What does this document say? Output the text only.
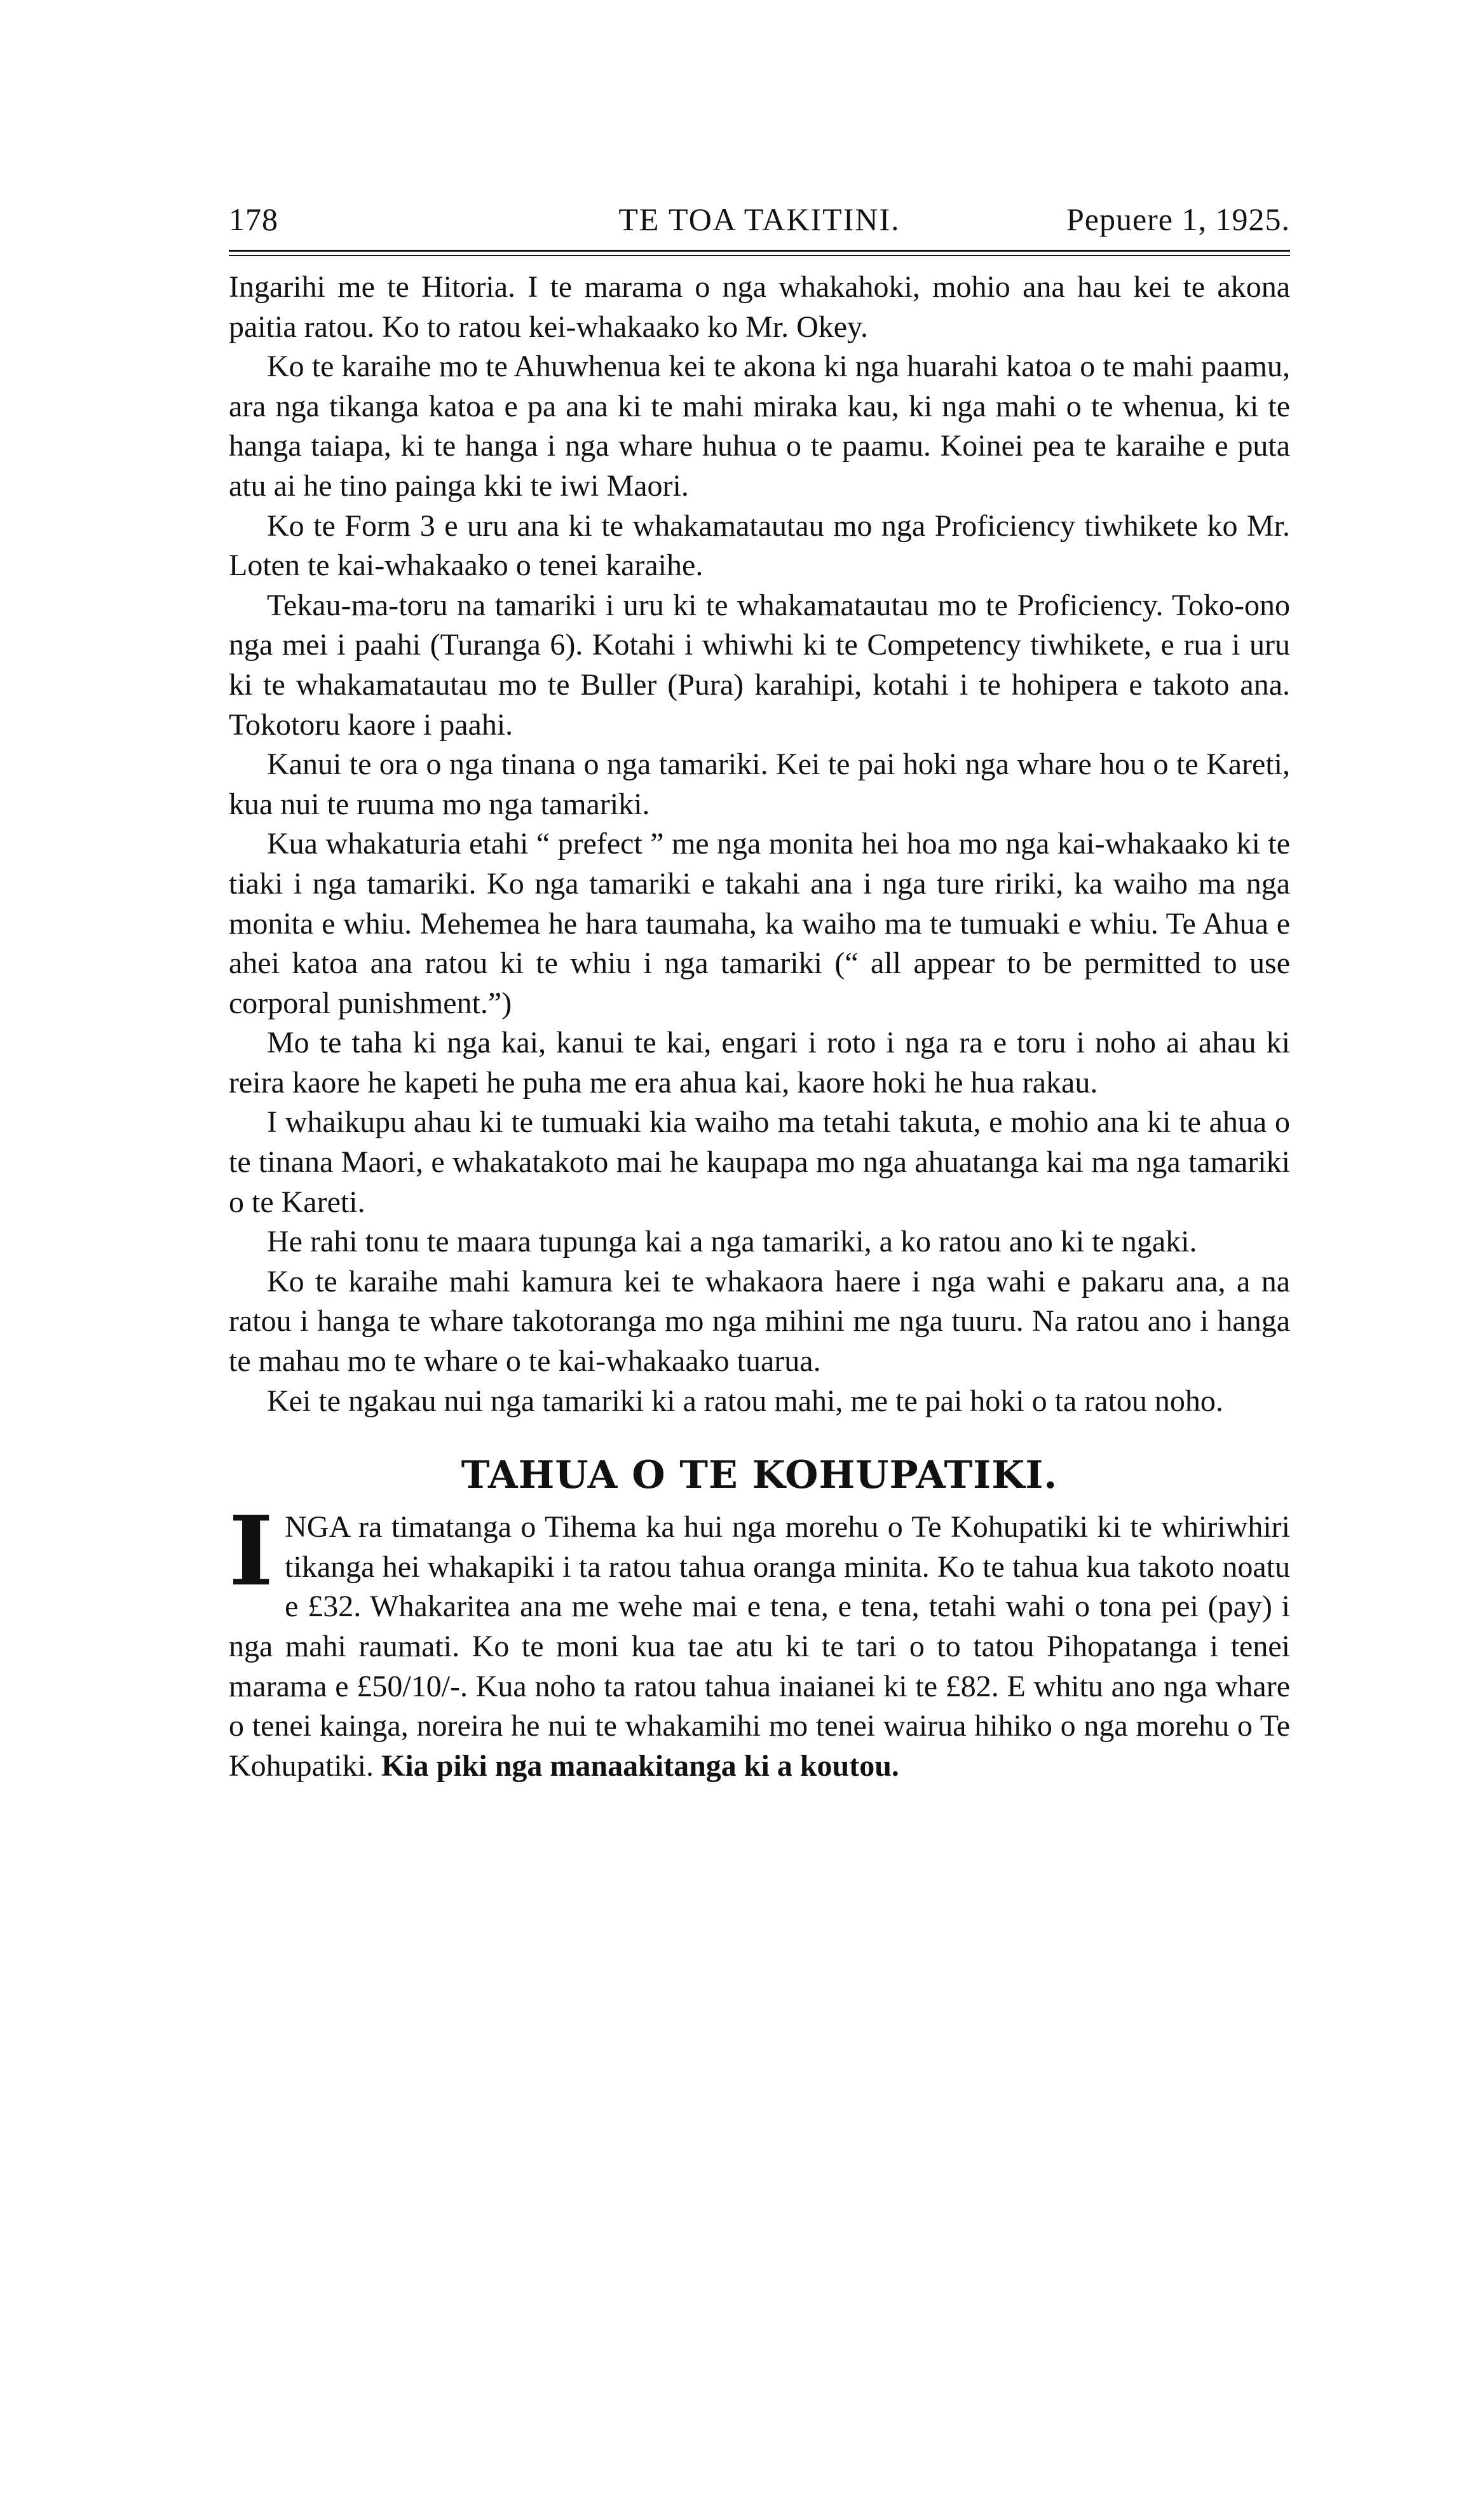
178	TE TOA TAKITINI.	Pepuere 1, 1925.

Ingarihi me te Hitoria. I te marama o nga whakahoki, mohio ana hau kei te akona paitia ratou. Ko to ratou kei-whakaako ko Mr. Okey.

Ko te karaihe mo te Ahuwhenua kei te akona ki nga huarahi katoa o te mahi paamu, ara nga tikanga katoa e pa ana ki te mahi miraka kau, ki nga mahi o te whenua, ki te hanga taiapa, ki te hanga i nga whare huhua o te paamu. Koinei pea te karaihe e puta atu ai he tino painga kki te iwi Maori.

Ko te Form 3 e uru ana ki te whakamatautau mo nga Proficiency tiwhikete ko Mr. Loten te kai-whakaako o tenei karaihe.

Tekau-ma-toru na tamariki i uru ki te whakamatautau mo te Proficiency. Toko-ono nga mei i paahi (Turanga 6). Kotahi i whiwhi ki te Competency tiwhikete, e rua i uru ki te whakamatautau mo te Buller (Pura) karahipi, kotahi i te hohipera e takoto ana. Tokotoru kaore i paahi.

Kanui te ora o nga tinana o nga tamariki. Kei te pai hoki nga whare hou o te Kareti, kua nui te ruuma mo nga tamariki.

Kua whakaturia etahi “ prefect ” me nga monita hei hoa mo nga kai-whakaako ki te tiaki i nga tamariki. Ko nga tamariki e takahi ana i nga ture ririki, ka waiho ma nga monita e whiu. Mehemea he hara taumaha, ka waiho ma te tumuaki e whiu. Te Ahua e ahei katoa ana ratou ki te whiu i nga tamariki (“ all appear to be permitted to use corporal punishment.”)

Mo te taha ki nga kai, kanui te kai, engari i roto i nga ra e toru i noho ai ahau ki reira kaore he kapeti he puha me era ahua kai, kaore hoki he hua rakau.

I whaikupu ahau ki te tumuaki kia waiho ma tetahi takuta, e mohio ana ki te ahua o te tinana Maori, e whakatakoto mai he kaupapa mo nga ahuatanga kai ma nga tamariki o te Kareti.

He rahi tonu te maara tupunga kai a nga tamariki, a ko ratou ano ki te ngaki.

Ko te karaihe mahi kamura kei te whakaora haere i nga wahi e pakaru ana, a na ratou i hanga te whare takotoranga mo nga mihini me nga tuuru. Na ratou ano i hanga te mahau mo te whare o te kai-whakaako tuarua.

Kei te ngakau nui nga tamariki ki a ratou mahi, me te pai hoki o ta ratou noho.

TAHUA O TE KOHUPATIKI.
I NGA ra timatanga o Tihema ka hui nga morehu o Te Kohupatiki ki te whiriwhiri tikanga hei whakapiki i ta ratou tahua oranga minita. Ko te tahua kua takoto noatu e £32. Whakaritea ana me wehe mai e tena, e tena, tetahi wahi o tona pei (pay) i nga mahi raumati. Ko te moni kua tae atu ki te tari o to tatou Pihopatanga i tenei marama e £50/10/-. Kua noho ta ratou tahua inaianei ki te £82. E whitu ano nga whare o tenei kainga, noreira he nui te whakamihi mo tenei wairua hihiko o nga morehu o Te Kohupatiki. Kia piki nga manaakitanga ki a koutou.
